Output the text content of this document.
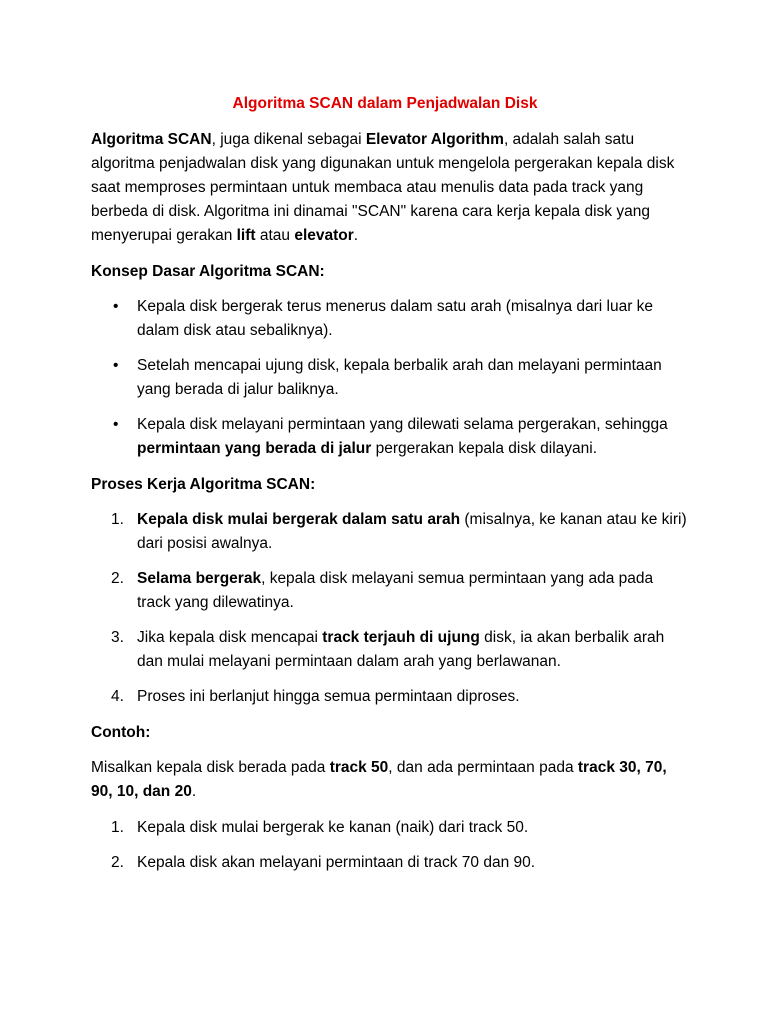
Algoritma SCAN dalam Penjadwalan Disk

Algoritma SCAN, juga dikenal sebagai Elevator Algorithm, adalah salah satu algoritma penjadwalan disk yang digunakan untuk mengelola pergerakan kepala disk saat memproses permintaan untuk membaca atau menulis data pada track yang berbeda di disk. Algoritma ini dinamai "SCAN" karena cara kerja kepala disk yang menyerupai gerakan lift atau elevator.

Konsep Dasar Algoritma SCAN:
• Kepala disk bergerak terus menerus dalam satu arah (misalnya dari luar ke dalam disk atau sebaliknya).
• Setelah mencapai ujung disk, kepala berbalik arah dan melayani permintaan yang berada di jalur baliknya.
• Kepala disk melayani permintaan yang dilewati selama pergerakan, sehingga permintaan yang berada di jalur pergerakan kepala disk dilayani.
Proses Kerja Algoritma SCAN:
1. Kepala disk mulai bergerak dalam satu arah (misalnya, ke kanan atau ke kiri) dari posisi awalnya.
2. Selama bergerak, kepala disk melayani semua permintaan yang ada pada track yang dilewatinya.
3. Jika kepala disk mencapai track terjauh di ujung disk, ia akan berbalik arah dan mulai melayani permintaan dalam arah yang berlawanan.
4. Proses ini berlanjut hingga semua permintaan diproses.
Contoh:

Misalkan kepala disk berada pada track 50, dan ada permintaan pada track 30, 70, 90, 10, dan 20.

1. Kepala disk mulai bergerak ke kanan (naik) dari track 50.
2. Kepala disk akan melayani permintaan di track 70 dan 90.
